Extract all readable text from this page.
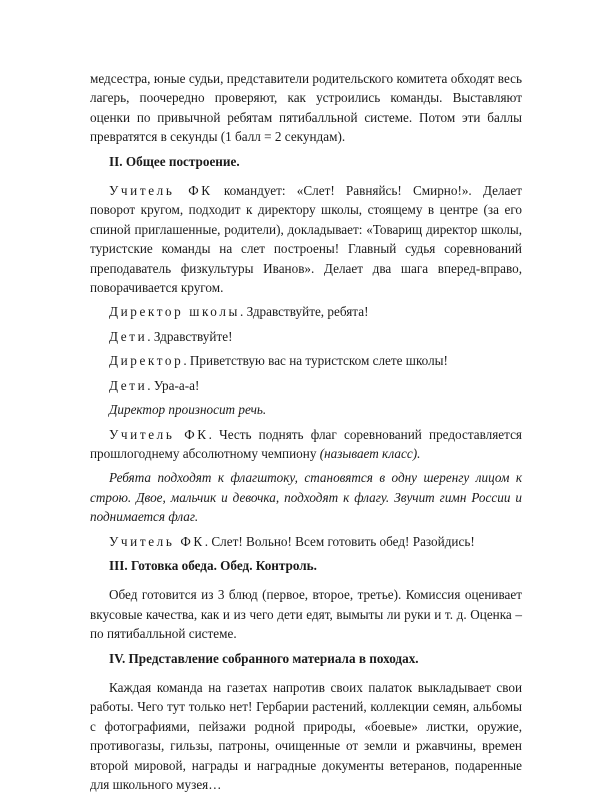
медсестра, юные судьи, представители родительского комитета обходят весь лагерь, поочередно проверяют, как устроились команды. Выставляют оценки по привычной ребятам пятибалльной системе. Потом эти баллы превратятся в секунды (1 балл = 2 секундам).

II. Общее построение.

Учитель ФК командует: «Слет! Равняйсь! Смирно!». Делает поворот кругом, подходит к директору школы, стоящему в центре (за его спиной приглашенные, родители), докладывает: «Товарищ директор школы, туристские команды на слет построены! Главный судья соревнований преподаватель физкультуры Иванов». Делает два шага вперед-вправо, поворачивается кругом.

Директор школы. Здравствуйте, ребята!

Дети. Здравствуйте!

Директор. Приветствую вас на туристском слете школы!

Дети. Ура-а-а!

Директор произносит речь.

Учитель ФК. Честь поднять флаг соревнований предоставляется прошлогоднему абсолютному чемпиону (называет класс).

Ребята подходят к флагштоку, становятся в одну шеренгу лицом к строю. Двое, мальчик и девочка, подходят к флагу. Звучит гимн России и поднимается флаг.

Учитель ФК. Слет! Вольно! Всем готовить обед! Разойдись!

III. Готовка обеда. Обед. Контроль.

Обед готовится из 3 блюд (первое, второе, третье). Комиссия оценивает вкусовые качества, как и из чего дети едят, вымыты ли руки и т. д. Оценка – по пятибалльной системе.

IV. Представление собранного материала в походах.

Каждая команда на газетах напротив своих палаток выкладывает свои работы. Чего тут только нет! Гербарии растений, коллекции семян, альбомы с фотографиями, пейзажи родной природы, «боевые» листки, оружие, противогазы, гильзы, патроны, очищенные от земли и ржавчины, времен второй мировой, награды и наградные документы ветеранов, подаренные для школьного музея…
